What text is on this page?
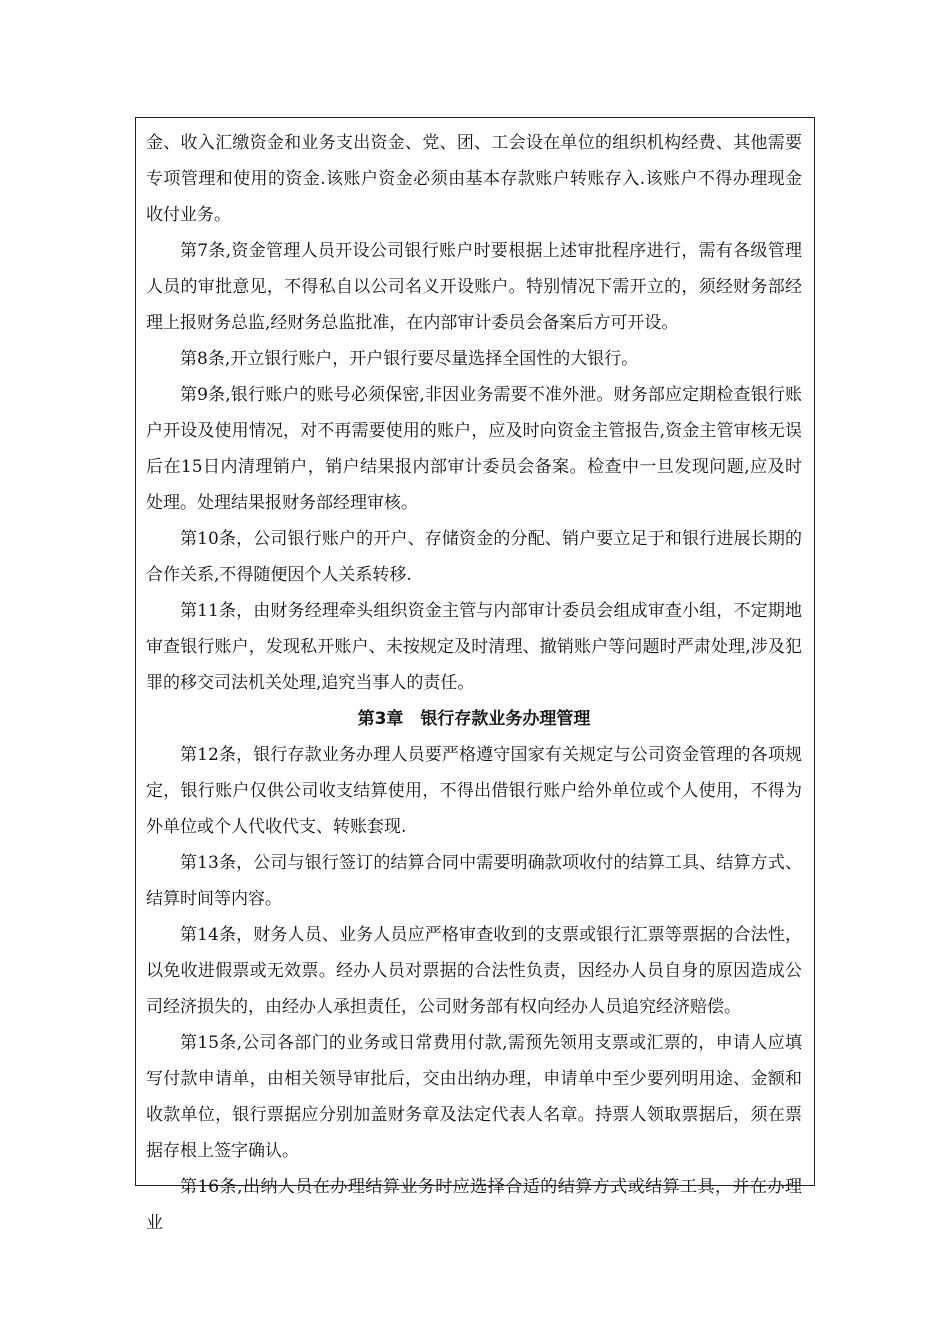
金、收入汇缴资金和业务支出资金、党、团、工会设在单位的组织机构经费、其他需要专项管理和使用的资金.该账户资金必须由基本存款账户转账存入.该账户不得办理现金收付业务。

第7条,资金管理人员开设公司银行账户时要根据上述审批程序进行，需有各级管理人员的审批意见，不得私自以公司名义开设账户。特别情况下需开立的，须经财务部经理上报财务总监,经财务总监批准，在内部审计委员会备案后方可开设。

第8条,开立银行账户，开户银行要尽量选择全国性的大银行。

第9条,银行账户的账号必须保密,非因业务需要不准外泄。财务部应定期检查银行账户开设及使用情况，对不再需要使用的账户，应及时向资金主管报告,资金主管审核无误后在15日内清理销户，销户结果报内部审计委员会备案。检查中一旦发现问题,应及时处理。处理结果报财务部经理审核。

第10条，公司银行账户的开户、存储资金的分配、销户要立足于和银行进展长期的合作关系,不得随便因个人关系转移.

第11条，由财务经理牵头组织资金主管与内部审计委员会组成审查小组，不定期地审查银行账户，发现私开账户、未按规定及时清理、撤销账户等问题时严肃处理,涉及犯罪的移交司法机关处理,追究当事人的责任。

第3章　银行存款业务办理管理

第12条，银行存款业务办理人员要严格遵守国家有关规定与公司资金管理的各项规定，银行账户仅供公司收支结算使用，不得出借银行账户给外单位或个人使用，不得为外单位或个人代收代支、转账套现.

第13条，公司与银行签订的结算合同中需要明确款项收付的结算工具、结算方式、结算时间等内容。

第14条，财务人员、业务人员应严格审查收到的支票或银行汇票等票据的合法性，以免收进假票或无效票。经办人员对票据的合法性负责，因经办人员自身的原因造成公司经济损失的，由经办人承担责任，公司财务部有权向经办人员追究经济赔偿。

第15条,公司各部门的业务或日常费用付款,需预先领用支票或汇票的，申请人应填写付款申请单，由相关领导审批后，交由出纳办理，申请单中至少要列明用途、金额和收款单位，银行票据应分别加盖财务章及法定代表人名章。持票人领取票据后，须在票据存根上签字确认。

第16条,出纳人员在办理结算业务时应选择合适的结算方式或结算工具，并在办理业
